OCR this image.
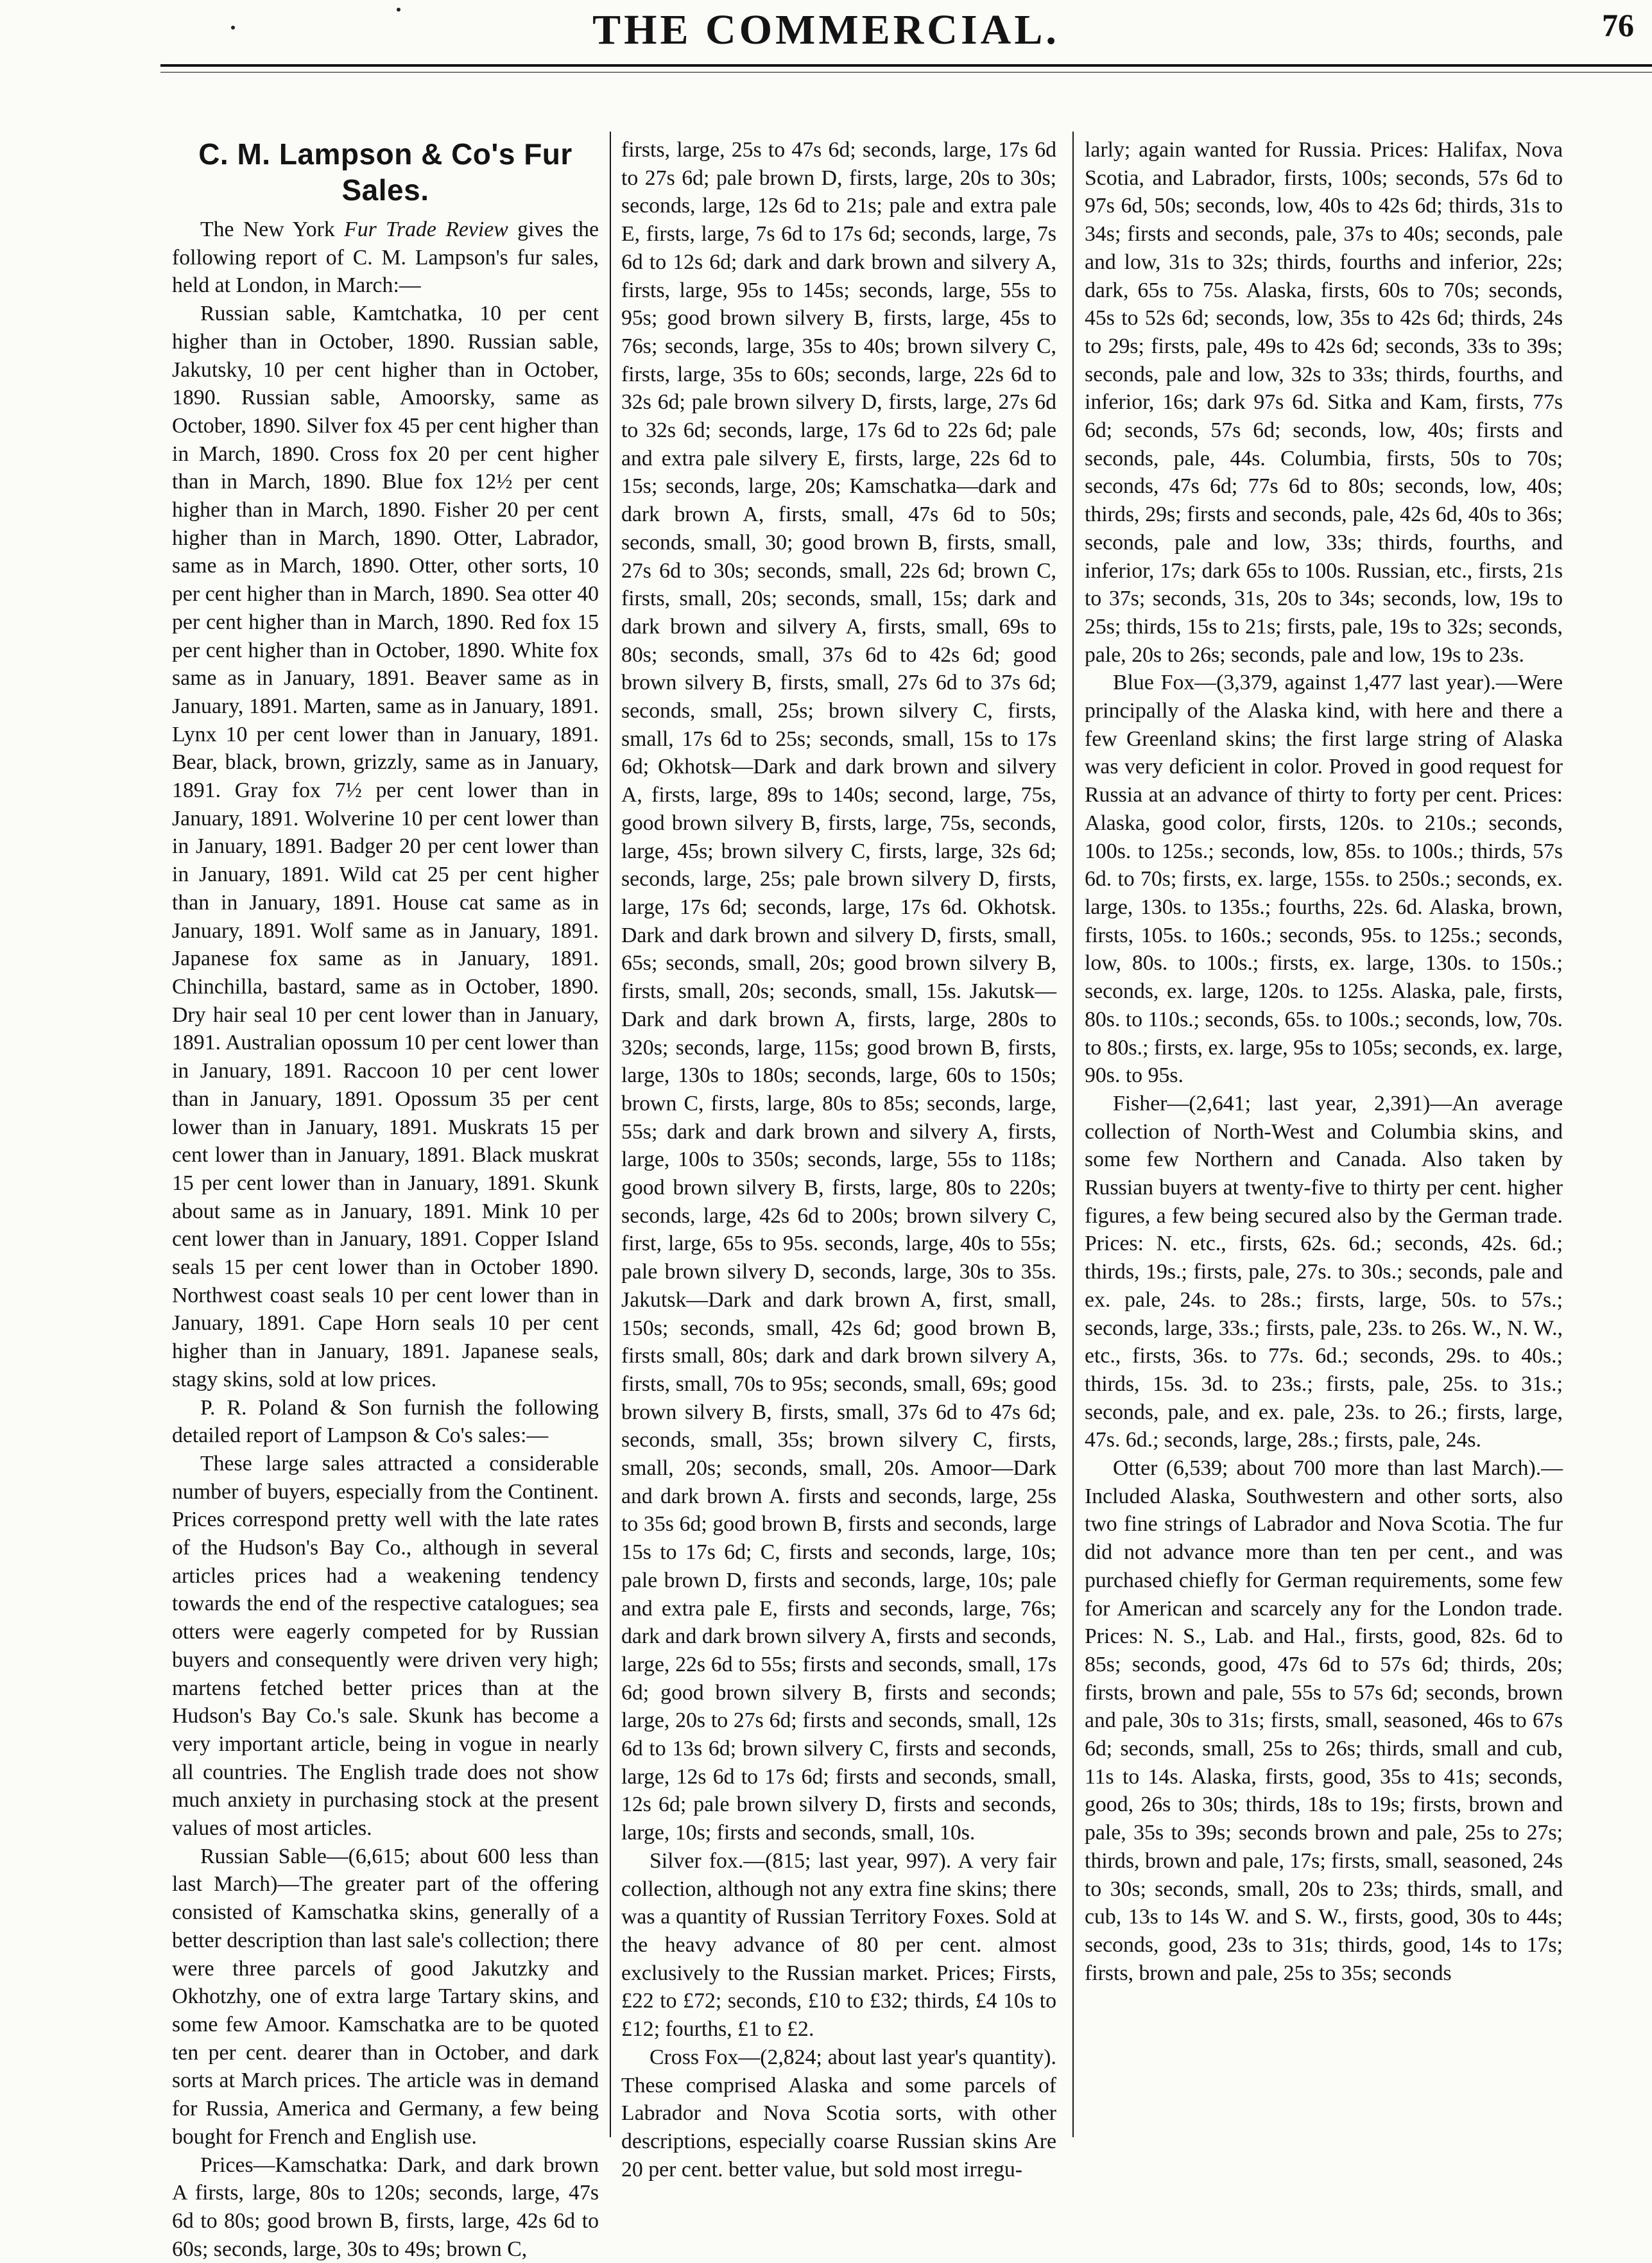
THE COMMERCIAL.	76
C. M. Lampson & Co's Fur Sales.

The New York Fur Trade Review gives the following report of C. M. Lampson's fur sales, held at London, in March:—

Russian sable, Kamtchatka, 10 per cent higher than in October, 1890. Russian sable, Jakutsky, 10 per cent higher than in October, 1890. Russian sable, Amoorsky, same as October, 1890. Silver fox 45 per cent higher than in March, 1890. Cross fox 20 per cent higher than in March, 1890. Blue fox 12½ per cent higher than in March, 1890. Fisher 20 per cent higher than in March, 1890. Otter, Labrador, same as in March, 1890. Otter, other sorts, 10 per cent higher than in March, 1890. Sea otter 40 per cent higher than in March, 1890. Red fox 15 per cent higher than in October, 1890. White fox same as in January, 1891. Beaver same as in January, 1891. Marten, same as in January, 1891. Lynx 10 per cent lower than in January, 1891. Bear, black, brown, grizzly, same as in January, 1891. Gray fox 7½ per cent lower than in January, 1891. Wolverine 10 per cent lower than in January, 1891. Badger 20 per cent lower than in January, 1891. Wild cat 25 per cent higher than in January, 1891. House cat same as in January, 1891. Wolf same as in January, 1891. Japanese fox same as in January, 1891. Chinchilla, bastard, same as in October, 1890. Dry hair seal 10 per cent lower than in January, 1891. Australian opossum 10 per cent lower than in January, 1891. Raccoon 10 per cent lower than in January, 1891. Opossum 35 per cent lower than in January, 1891. Muskrats 15 per cent lower than in January, 1891. Black muskrat 15 per cent lower than in January, 1891. Skunk about same as in January, 1891. Mink 10 per cent lower than in January, 1891. Copper Island seals 15 per cent lower than in October 1890. Northwest coast seals 10 per cent lower than in January, 1891. Cape Horn seals 10 per cent higher than in January, 1891. Japanese seals, stagy skins, sold at low prices.

P. R. Poland & Son furnish the following detailed report of Lampson & Co's sales:—

These large sales attracted a considerable number of buyers, especially from the Continent. Prices correspond pretty well with the late rates of the Hudson's Bay Co., although in several articles prices had a weakening tendency towards the end of the respective catalogues; sea otters were eagerly competed for by Russian buyers and consequently were driven very high; martens fetched better prices than at the Hudson's Bay Co.'s sale. Skunk has become a very important article, being in vogue in nearly all countries. The English trade does not show much anxiety in purchasing stock at the present values of most articles.

Russian Sable—(6,615; about 600 less than last March)—The greater part of the offering consisted of Kamschatka skins, generally of a better description than last sale's collection; there were three parcels of good Jakutzky and Okhotzhy, one of extra large Tartary skins, and some few Amoor. Kamschatka are to be quoted ten per cent. dearer than in October, and dark sorts at March prices. The article was in demand for Russia, America and Germany, a few being bought for French and English use.

Prices—Kamschatka: Dark, and dark brown A firsts, large, 80s to 120s; seconds, large, 47s 6d to 80s; good brown B, firsts, large, 42s 6d to 60s; seconds, large, 30s to 49s; brown C,

firsts, large, 25s to 47s 6d; seconds, large, 17s 6d to 27s 6d; pale brown D, firsts, large, 20s to 30s; seconds, large, 12s 6d to 21s; pale and extra pale E, firsts, large, 7s 6d to 17s 6d; seconds, large, 7s 6d to 12s 6d; dark and dark brown and silvery A, firsts, large, 95s to 145s; seconds, large, 55s to 95s; good brown silvery B, firsts, large, 45s to 76s; seconds, large, 35s to 40s; brown silvery C, firsts, large, 35s to 60s; seconds, large, 22s 6d to 32s 6d; pale brown silvery D, firsts, large, 27s 6d to 32s 6d; seconds, large, 17s 6d to 22s 6d; pale and extra pale silvery E, firsts, large, 22s 6d to 15s; seconds, large, 20s; Kamschatka—dark and dark brown A, firsts, small, 47s 6d to 50s; seconds, small, 30; good brown B, firsts, small, 27s 6d to 30s; seconds, small, 22s 6d; brown C, firsts, small, 20s; seconds, small, 15s; dark and dark brown and silvery A, firsts, small, 69s to 80s; seconds, small, 37s 6d to 42s 6d; good brown silvery B, firsts, small, 27s 6d to 37s 6d; seconds, small, 25s; brown silvery C, firsts, small, 17s 6d to 25s; seconds, small, 15s to 17s 6d; Okhotsk—Dark and dark brown and silvery A, firsts, large, 89s to 140s; second, large, 75s, good brown silvery B, firsts, large, 75s, seconds, large, 45s; brown silvery C, firsts, large, 32s 6d; seconds, large, 25s; pale brown silvery D, firsts, large, 17s 6d; seconds, large, 17s 6d. Okhotsk. Dark and dark brown and silvery D, firsts, small, 65s; seconds, small, 20s; good brown silvery B, firsts, small, 20s; seconds, small, 15s. Jakutsk—Dark and dark brown A, firsts, large, 280s to 320s; seconds, large, 115s; good brown B, firsts, large, 130s to 180s; seconds, large, 60s to 150s; brown C, firsts, large, 80s to 85s; seconds, large, 55s; dark and dark brown and silvery A, firsts, large, 100s to 350s; seconds, large, 55s to 118s; good brown silvery B, firsts, large, 80s to 220s; seconds, large, 42s 6d to 200s; brown silvery C, first, large, 65s to 95s. seconds, large, 40s to 55s; pale brown silvery D, seconds, large, 30s to 35s. Jakutsk—Dark and dark brown A, first, small, 150s; seconds, small, 42s 6d; good brown B, firsts small, 80s; dark and dark brown silvery A, firsts, small, 70s to 95s; seconds, small, 69s; good brown silvery B, firsts, small, 37s 6d to 47s 6d; seconds, small, 35s; brown silvery C, firsts, small, 20s; seconds, small, 20s. Amoor—Dark and dark brown A. firsts and seconds, large, 25s to 35s 6d; good brown B, firsts and seconds, large 15s to 17s 6d; C, firsts and seconds, large, 10s; pale brown D, firsts and seconds, large, 10s; pale and extra pale E, firsts and seconds, large, 76s; dark and dark brown silvery A, firsts and seconds, large, 22s 6d to 55s; firsts and seconds, small, 17s 6d; good brown silvery B, firsts and seconds; large, 20s to 27s 6d; firsts and seconds, small, 12s 6d to 13s 6d; brown silvery C, firsts and seconds, large, 12s 6d to 17s 6d; firsts and seconds, small, 12s 6d; pale brown silvery D, firsts and seconds, large, 10s; firsts and seconds, small, 10s.

Silver fox.—(815; last year, 997). A very fair collection, although not any extra fine skins; there was a quantity of Russian Territory Foxes. Sold at the heavy advance of 80 per cent. almost exclusively to the Russian market. Prices; Firsts, £22 to £72; seconds, £10 to £32; thirds, £4 10s to £12; fourths, £1 to £2.

Cross Fox—(2,824; about last year's quantity). These comprised Alaska and some parcels of Labrador and Nova Scotia sorts, with other descriptions, especially coarse Russian skins Are 20 per cent. better value, but sold most irregu-

larly; again wanted for Russia. Prices: Halifax, Nova Scotia, and Labrador, firsts, 100s; seconds, 57s 6d to 97s 6d, 50s; seconds, low, 40s to 42s 6d; thirds, 31s to 34s; firsts and seconds, pale, 37s to 40s; seconds, pale and low, 31s to 32s; thirds, fourths and inferior, 22s; dark, 65s to 75s. Alaska, firsts, 60s to 70s; seconds, 45s to 52s 6d; seconds, low, 35s to 42s 6d; thirds, 24s to 29s; firsts, pale, 49s to 42s 6d; seconds, 33s to 39s; seconds, pale and low, 32s to 33s; thirds, fourths, and inferior, 16s; dark 97s 6d. Sitka and Kam, firsts, 77s 6d; seconds, 57s 6d; seconds, low, 40s; firsts and seconds, pale, 44s. Columbia, firsts, 50s to 70s; seconds, 47s 6d; 77s 6d to 80s; seconds, low, 40s; thirds, 29s; firsts and seconds, pale, 42s 6d, 40s to 36s; seconds, pale and low, 33s; thirds, fourths, and inferior, 17s; dark 65s to 100s. Russian, etc., firsts, 21s to 37s; seconds, 31s, 20s to 34s; seconds, low, 19s to 25s; thirds, 15s to 21s; firsts, pale, 19s to 32s; seconds, pale, 20s to 26s; seconds, pale and low, 19s to 23s.

Blue Fox—(3,379, against 1,477 last year).—Were principally of the Alaska kind, with here and there a few Greenland skins; the first large string of Alaska was very deficient in color. Proved in good request for Russia at an advance of thirty to forty per cent. Prices: Alaska, good color, firsts, 120s. to 210s.; seconds, 100s. to 125s.; seconds, low, 85s. to 100s.; thirds, 57s 6d. to 70s; firsts, ex. large, 155s. to 250s.; seconds, ex. large, 130s. to 135s.; fourths, 22s. 6d. Alaska, brown, firsts, 105s. to 160s.; seconds, 95s. to 125s.; seconds, low, 80s. to 100s.; firsts, ex. large, 130s. to 150s.; seconds, ex. large, 120s. to 125s. Alaska, pale, firsts, 80s. to 110s.; seconds, 65s. to 100s.; seconds, low, 70s. to 80s.; firsts, ex. large, 95s to 105s; seconds, ex. large, 90s. to 95s.

Fisher—(2,641; last year, 2,391)—An average collection of North-West and Columbia skins, and some few Northern and Canada. Also taken by Russian buyers at twenty-five to thirty per cent. higher figures, a few being secured also by the German trade. Prices: N. etc., firsts, 62s. 6d.; seconds, 42s. 6d.; thirds, 19s.; firsts, pale, 27s. to 30s.; seconds, pale and ex. pale, 24s. to 28s.; firsts, large, 50s. to 57s.; seconds, large, 33s.; firsts, pale, 23s. to 26s. W., N. W., etc., firsts, 36s. to 77s. 6d.; seconds, 29s. to 40s.; thirds, 15s. 3d. to 23s.; firsts, pale, 25s. to 31s.; seconds, pale, and ex. pale, 23s. to 26.; firsts, large, 47s. 6d.; seconds, large, 28s.; firsts, pale, 24s.

Otter (6,539; about 700 more than last March).—Included Alaska, Southwestern and other sorts, also two fine strings of Labrador and Nova Scotia. The fur did not advance more than ten per cent., and was purchased chiefly for German requirements, some few for American and scarcely any for the London trade. Prices: N. S., Lab. and Hal., firsts, good, 82s. 6d to 85s; seconds, good, 47s 6d to 57s 6d; thirds, 20s; firsts, brown and pale, 55s to 57s 6d; seconds, brown and pale, 30s to 31s; firsts, small, seasoned, 46s to 67s 6d; seconds, small, 25s to 26s; thirds, small and cub, 11s to 14s. Alaska, firsts, good, 35s to 41s; seconds, good, 26s to 30s; thirds, 18s to 19s; firsts, brown and pale, 35s to 39s; seconds brown and pale, 25s to 27s; thirds, brown and pale, 17s; firsts, small, seasoned, 24s to 30s; seconds, small, 20s to 23s; thirds, small, and cub, 13s to 14s W. and S. W., firsts, good, 30s to 44s; seconds, good, 23s to 31s; thirds, good, 14s to 17s; firsts, brown and pale, 25s to 35s; seconds
